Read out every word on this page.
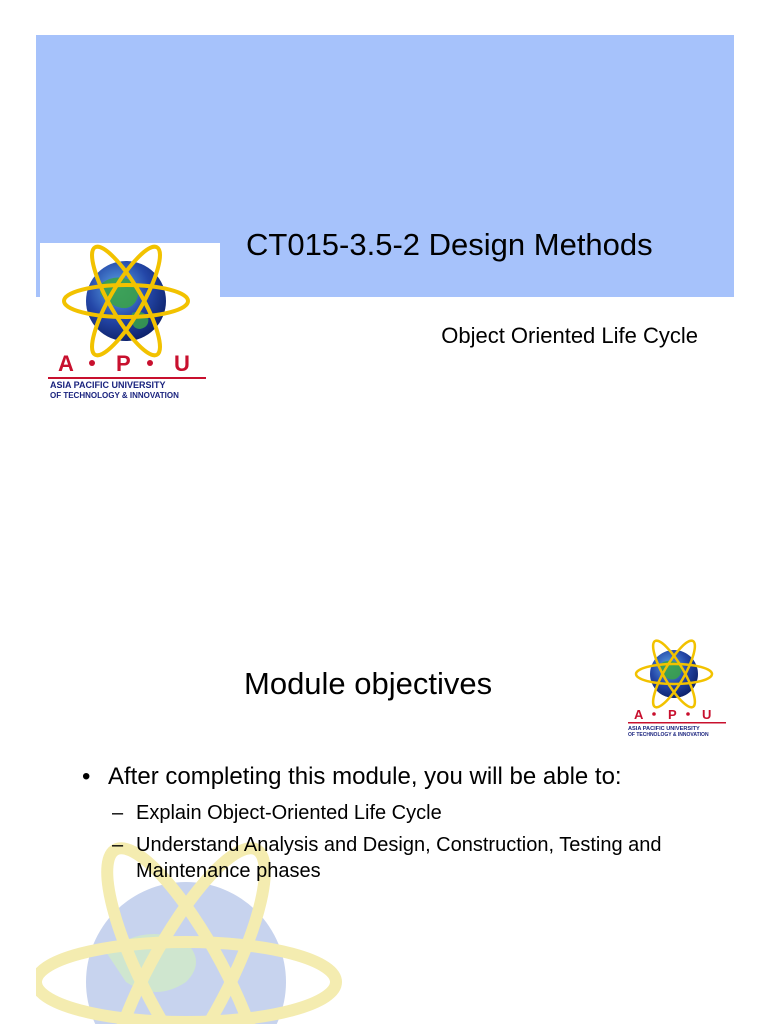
CT015-3.5-2 Design Methods
Object Oriented Life Cycle
A P U
ASIA PACIFIC UNIVERSITY
OF TECHNOLOGY & INNOVATION
Module objectives
A P U
ASIA PACIFIC UNIVERSITY
OF TECHNOLOGY & INNOVATION
• After completing this module, you will be able to:
– Explain Object-Oriented Life Cycle
– Understand Analysis and Design, Construction, Testing and Maintenance phases
